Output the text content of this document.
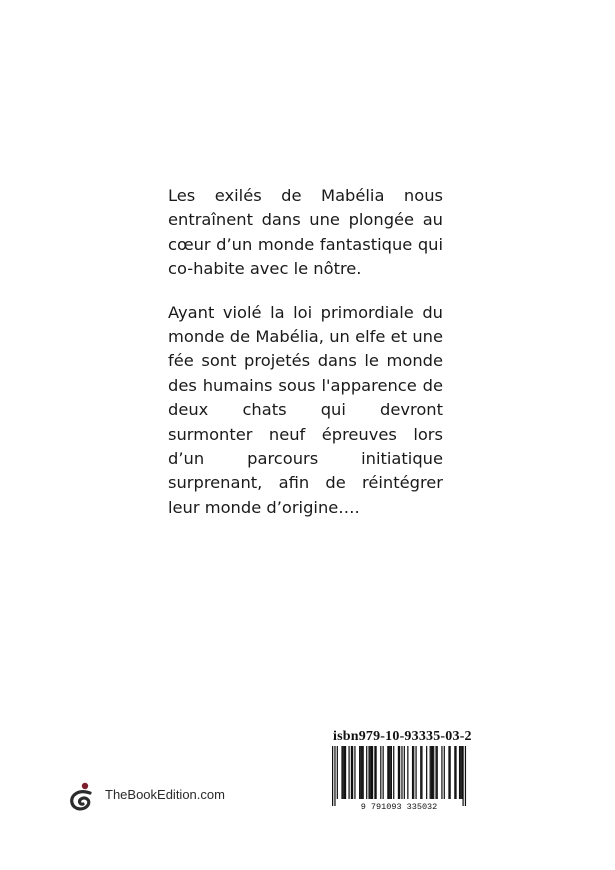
Les exilés de Mabélia nous entraînent dans une plongée au cœur d’un monde fantastique qui co-habite avec le nôtre.

Ayant violé la loi primordiale du monde de Mabélia, un elfe et une fée sont projetés dans le monde des humains sous l'apparence de deux chats qui devront surmonter neuf épreuves lors d’un parcours initiatique surprenant, afin de réintégrer leur monde d’origine….

isbn979-10-93335-03-2
9 791093 335032
TheBookEdition.com
